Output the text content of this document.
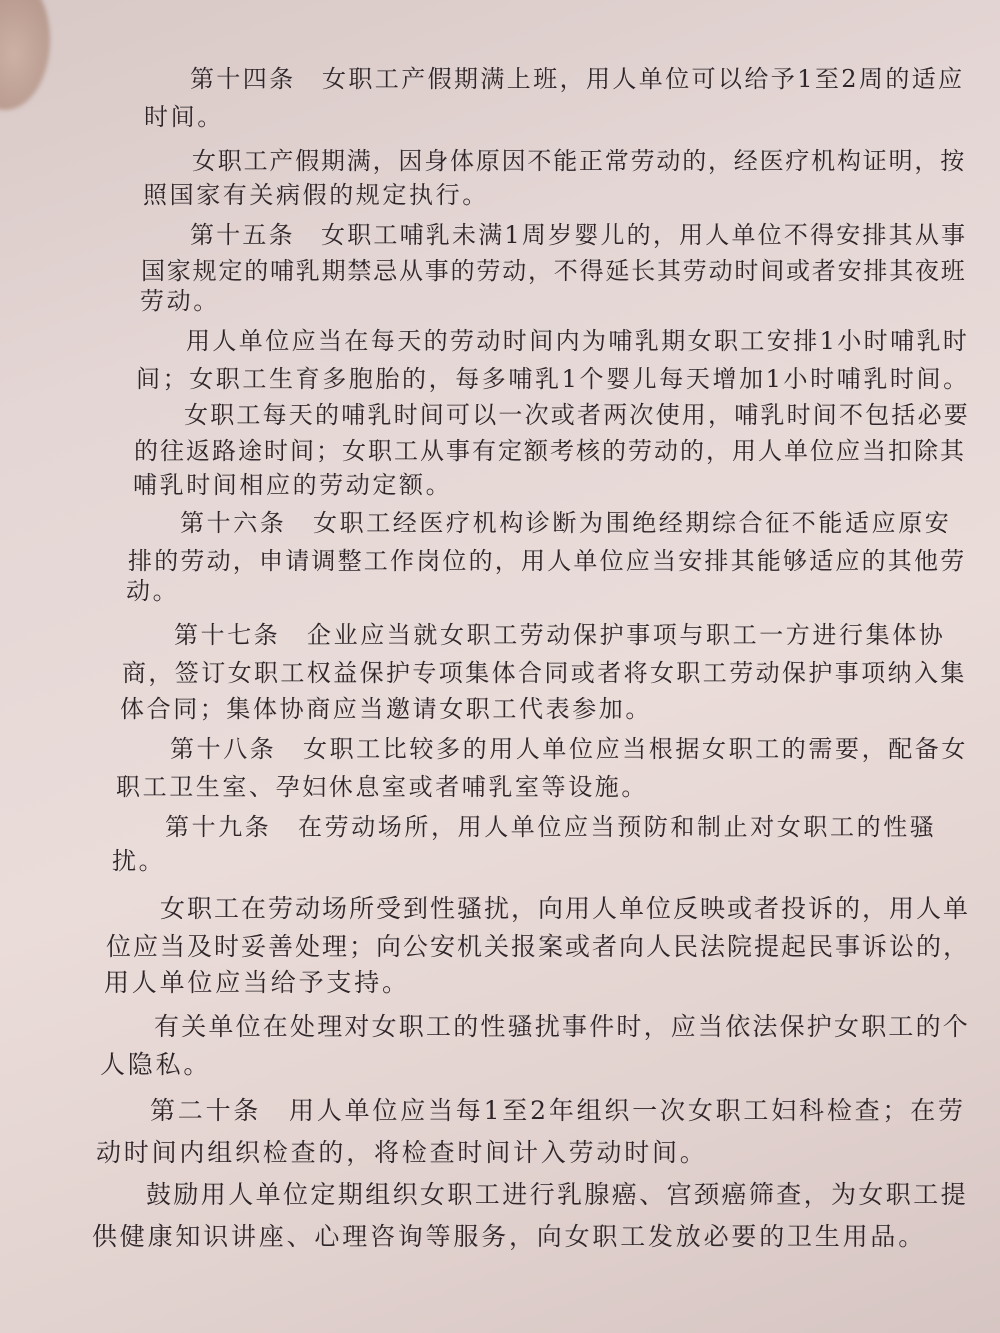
第十四条　女职工产假期满上班，用人单位可以给予1至2周的适应
时间。
女职工产假期满，因身体原因不能正常劳动的，经医疗机构证明，按
照国家有关病假的规定执行。
第十五条　女职工哺乳未满1周岁婴儿的，用人单位不得安排其从事
国家规定的哺乳期禁忌从事的劳动，不得延长其劳动时间或者安排其夜班
劳动。
用人单位应当在每天的劳动时间内为哺乳期女职工安排1小时哺乳时
间；女职工生育多胞胎的，每多哺乳1个婴儿每天增加1小时哺乳时间。
女职工每天的哺乳时间可以一次或者两次使用，哺乳时间不包括必要
的往返路途时间；女职工从事有定额考核的劳动的，用人单位应当扣除其
哺乳时间相应的劳动定额。
第十六条　女职工经医疗机构诊断为围绝经期综合征不能适应原安
排的劳动，申请调整工作岗位的，用人单位应当安排其能够适应的其他劳
动。
第十七条　企业应当就女职工劳动保护事项与职工一方进行集体协
商，签订女职工权益保护专项集体合同或者将女职工劳动保护事项纳入集
体合同；集体协商应当邀请女职工代表参加。
第十八条　女职工比较多的用人单位应当根据女职工的需要，配备女
职工卫生室、孕妇休息室或者哺乳室等设施。
第十九条　在劳动场所，用人单位应当预防和制止对女职工的性骚
扰。
女职工在劳动场所受到性骚扰，向用人单位反映或者投诉的，用人单
位应当及时妥善处理；向公安机关报案或者向人民法院提起民事诉讼的，
用人单位应当给予支持。
有关单位在处理对女职工的性骚扰事件时，应当依法保护女职工的个
人隐私。
第二十条　用人单位应当每1至2年组织一次女职工妇科检查；在劳
动时间内组织检查的，将检查时间计入劳动时间。
鼓励用人单位定期组织女职工进行乳腺癌、宫颈癌筛查，为女职工提
供健康知识讲座、心理咨询等服务，向女职工发放必要的卫生用品。
